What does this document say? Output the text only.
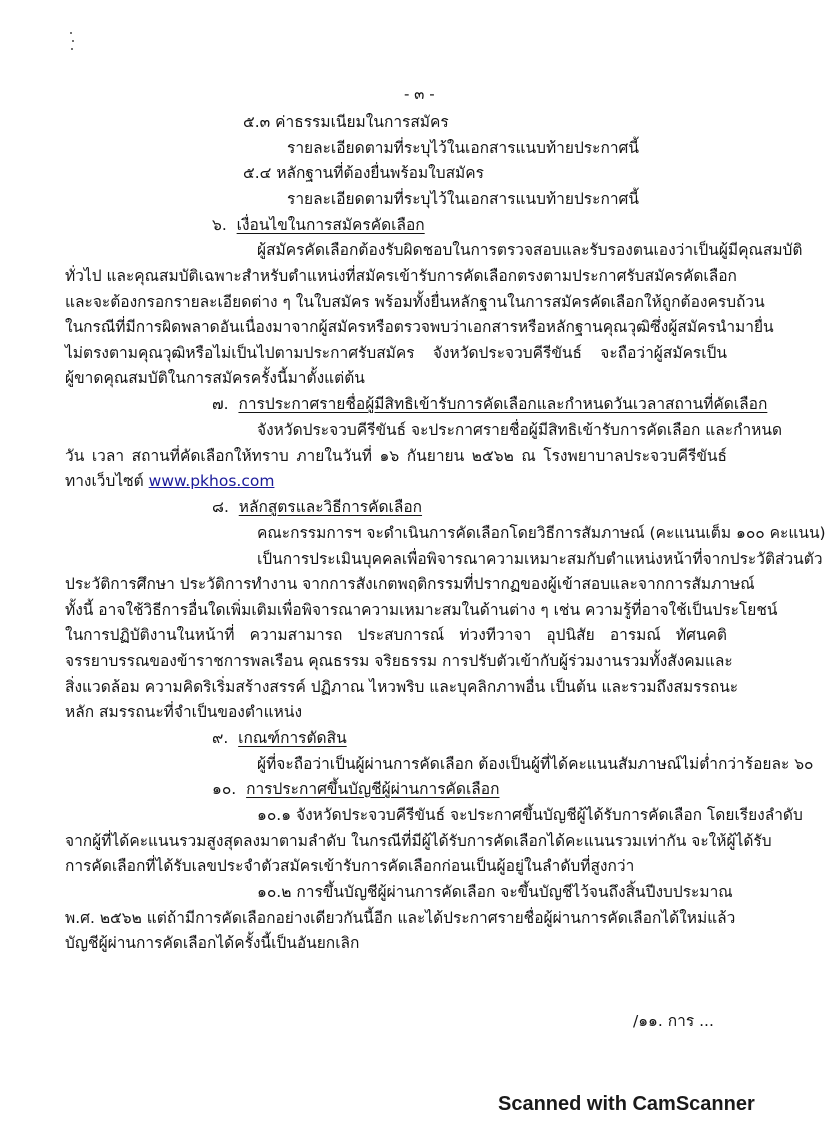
- ๓ -
๕.๓ ค่าธรรมเนียมในการสมัคร
รายละเอียดตามที่ระบุไว้ในเอกสารแนบท้ายประกาศนี้
๕.๔ หลักฐานที่ต้องยื่นพร้อมใบสมัคร
รายละเอียดตามที่ระบุไว้ในเอกสารแนบท้ายประกาศนี้
๖. เงื่อนไขในการสมัครคัดเลือก
ผู้สมัครคัดเลือกต้องรับผิดชอบในการตรวจสอบและรับรองตนเองว่าเป็นผู้มีคุณสมบัติ
ทั่วไป และคุณสมบัติเฉพาะสำหรับตำแหน่งที่สมัครเข้ารับการคัดเลือกตรงตามประกาศรับสมัครคัดเลือก
และจะต้องกรอกรายละเอียดต่าง ๆ ในใบสมัคร พร้อมทั้งยื่นหลักฐานในการสมัครคัดเลือกให้ถูกต้องครบถ้วน
ในกรณีที่มีการผิดพลาดอันเนื่องมาจากผู้สมัครหรือตรวจพบว่าเอกสารหรือหลักฐานคุณวุฒิซึ่งผู้สมัครนำมายื่น
ไม่ตรงตามคุณวุฒิหรือไม่เป็นไปตามประกาศรับสมัคร จังหวัดประจวบคีรีขันธ์ จะถือว่าผู้สมัครเป็น
ผู้ขาดคุณสมบัติในการสมัครครั้งนี้มาตั้งแต่ต้น
๗. การประกาศรายชื่อผู้มีสิทธิเข้ารับการคัดเลือกและกำหนดวันเวลาสถานที่คัดเลือก
จังหวัดประจวบคีรีขันธ์ จะประกาศรายชื่อผู้มีสิทธิเข้ารับการคัดเลือก และกำหนด
วัน เวลา สถานที่คัดเลือกให้ทราบ ภายในวันที่ ๑๖ กันยายน ๒๕๖๒ ณ โรงพยาบาลประจวบคีรีขันธ์
ทางเว็บไซต์ www.pkhos.com
๘. หลักสูตรและวิธีการคัดเลือก
คณะกรรมการฯ จะดำเนินการคัดเลือกโดยวิธีการสัมภาษณ์ (คะแนนเต็ม ๑๐๐ คะแนน)
เป็นการประเมินบุคคลเพื่อพิจารณาความเหมาะสมกับตำแหน่งหน้าที่จากประวัติส่วนตัว
ประวัติการศึกษา ประวัติการทำงาน จากการสังเกตพฤติกรรมที่ปรากฏของผู้เข้าสอบและจากการสัมภาษณ์
ทั้งนี้ อาจใช้วิธีการอื่นใดเพิ่มเติมเพื่อพิจารณาความเหมาะสมในด้านต่าง ๆ เช่น ความรู้ที่อาจใช้เป็นประโยชน์
ในการปฏิบัติงานในหน้าที่ ความสามารถ ประสบการณ์ ท่วงทีวาจา อุปนิสัย อารมณ์ ทัศนคติ
จรรยาบรรณของข้าราชการพลเรือน คุณธรรม จริยธรรม การปรับตัวเข้ากับผู้ร่วมงานรวมทั้งสังคมและ
สิ่งแวดล้อม ความคิดริเริ่มสร้างสรรค์ ปฏิภาณ ไหวพริบ และบุคลิกภาพอื่น เป็นต้น และรวมถึงสมรรถนะ
หลัก สมรรถนะที่จำเป็นของตำแหน่ง
๙. เกณฑ์การตัดสิน
ผู้ที่จะถือว่าเป็นผู้ผ่านการคัดเลือก ต้องเป็นผู้ที่ได้คะแนนสัมภาษณ์ไม่ต่ำกว่าร้อยละ ๖๐
๑๐. การประกาศขึ้นบัญชีผู้ผ่านการคัดเลือก
๑๐.๑ จังหวัดประจวบคีรีขันธ์ จะประกาศขึ้นบัญชีผู้ได้รับการคัดเลือก โดยเรียงลำดับ
จากผู้ที่ได้คะแนนรวมสูงสุดลงมาตามลำดับ ในกรณีที่มีผู้ได้รับการคัดเลือกได้คะแนนรวมเท่ากัน จะให้ผู้ได้รับ
การคัดเลือกที่ได้รับเลขประจำตัวสมัครเข้ารับการคัดเลือกก่อนเป็นผู้อยู่ในลำดับที่สูงกว่า
๑๐.๒ การขึ้นบัญชีผู้ผ่านการคัดเลือก จะขึ้นบัญชีไว้จนถึงสิ้นปีงบประมาณ
พ.ศ. ๒๕๖๒ แต่ถ้ามีการคัดเลือกอย่างเดียวกันนี้อีก และได้ประกาศรายชื่อผู้ผ่านการคัดเลือกได้ใหม่แล้ว
บัญชีผู้ผ่านการคัดเลือกได้ครั้งนี้เป็นอันยกเลิก
/๑๑. การ ...
Scanned with CamScanner
